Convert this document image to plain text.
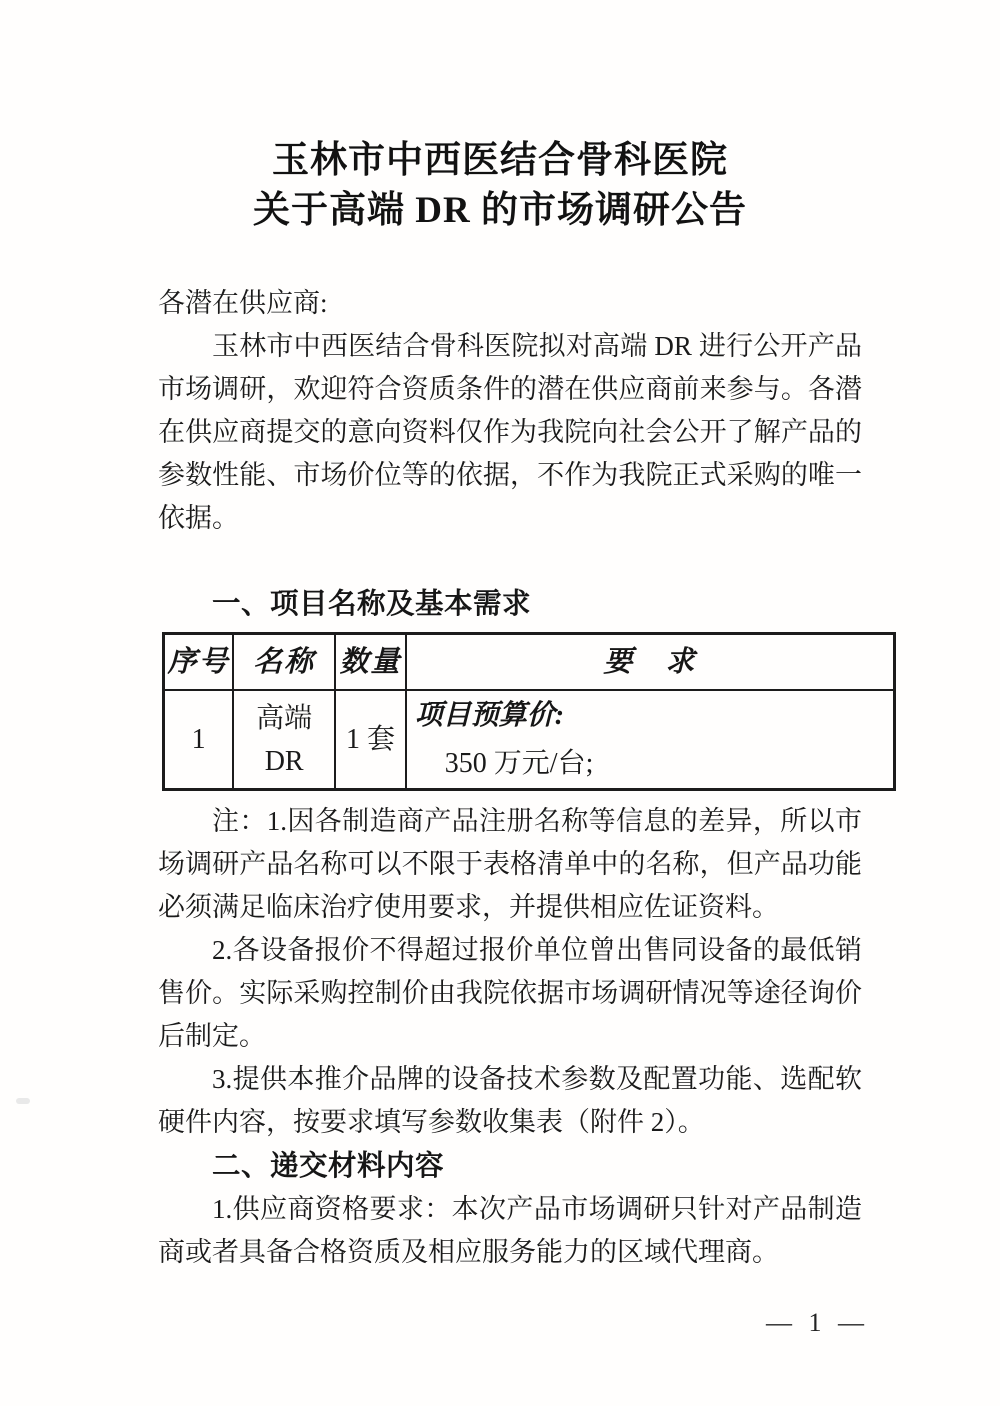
玉林市中西医结合骨科医院
关于高端 DR 的市场调研公告

各潜在供应商:

玉林市中西医结合骨科医院拟对高端 DR 进行公开产品市场调研，欢迎符合资质条件的潜在供应商前来参与。各潜在供应商提交的意向资料仅作为我院向社会公开了解产品的参数性能、市场价位等的依据，不作为我院正式采购的唯一依据。

一、项目名称及基本需求
序号	名称	数量	要　求
1	高端 DR	1 套	项目预算价:
350 万元/台;

注：1.因各制造商产品注册名称等信息的差异，所以市场调研产品名称可以不限于表格清单中的名称，但产品功能必须满足临床治疗使用要求，并提供相应佐证资料。

2.各设备报价不得超过报价单位曾出售同设备的最低销售价。实际采购控制价由我院依据市场调研情况等途径询价后制定。

3.提供本推介品牌的设备技术参数及配置功能、选配软硬件内容，按要求填写参数收集表（附件 2）。

二、递交材料内容

1.供应商资格要求：本次产品市场调研只针对产品制造商或者具备合格资质及相应服务能力的区域代理商。

— 1 —
